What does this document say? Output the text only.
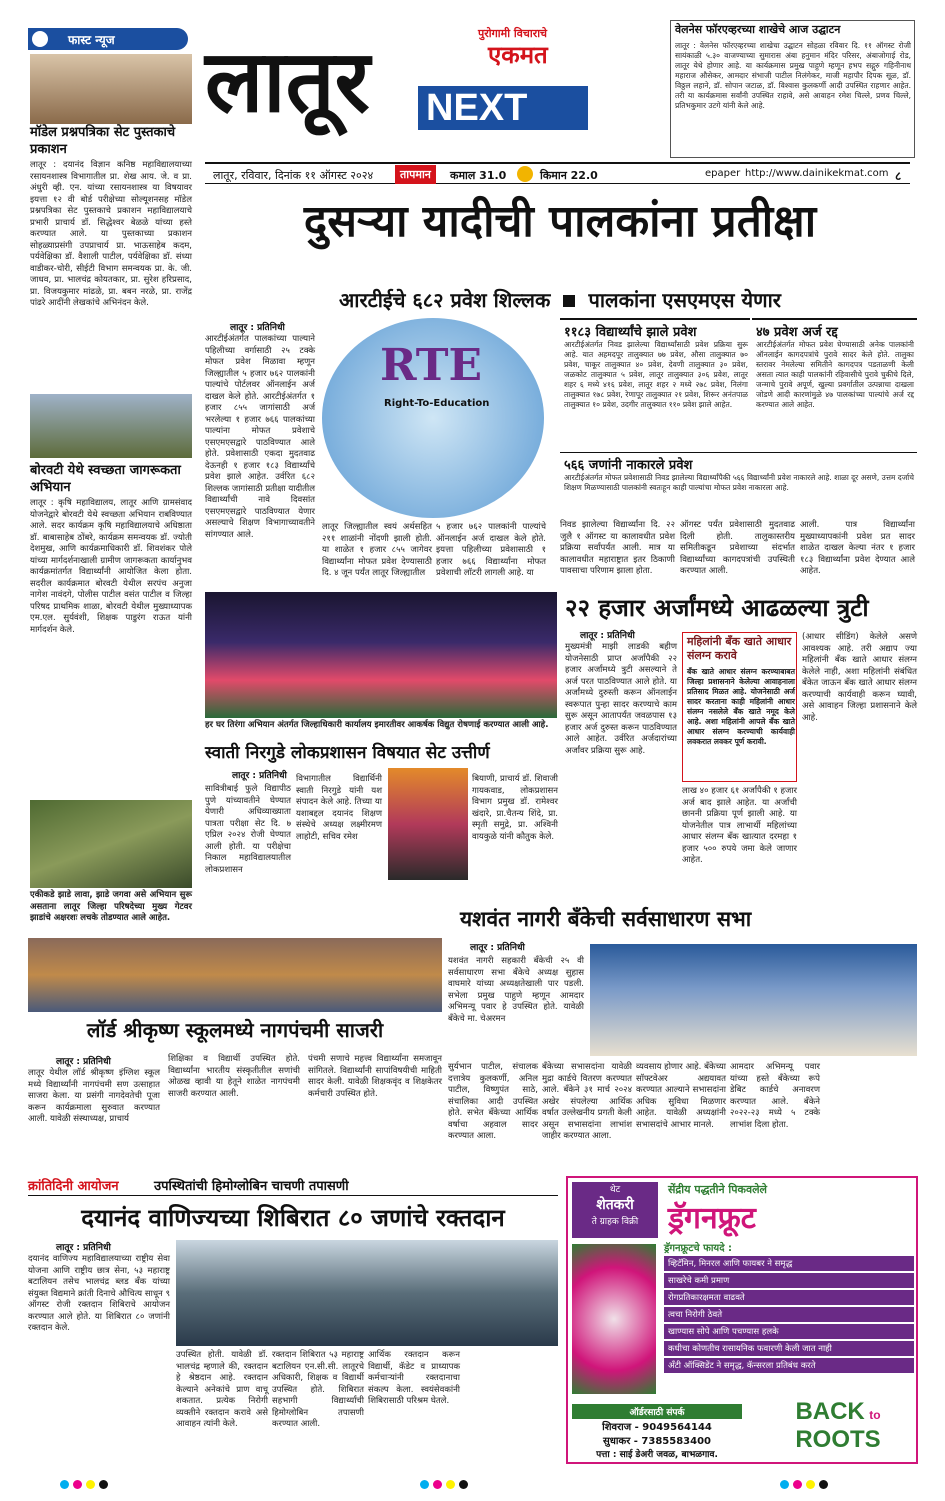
फास्ट न्यूज
मॉडेल प्रश्नपत्रिका सेट पुस्तकाचे प्रकाशन
लातूर : दयानंद विज्ञान कनिष्ठ महाविद्यालयाच्या रसायनशास्त्र विभागातील प्रा. शेख आय. जे. व प्रा. अंधुरी व्ही. एन. यांच्या रसायनशास्त्र या विषयावर इयत्ता १२ वी बोर्ड परीक्षेच्या सोल्यूशनसह मॉडेल प्रश्नपत्रिका सेट पुस्तकाचे प्रकाशन महाविद्यालयाचे प्रभारी प्राचार्य डॉ. सिद्धेश्वर बेळळे यांच्या हस्ते करण्यात आले. या पुस्तकाच्या प्रकाशन सोहळ्याप्रसंगी उपप्राचार्य प्रा. भाऊसाहेब कदम, पर्यवेक्षिका डॉ. वैशाली पाटील, पर्यवेक्षिका डॉ. संध्या वाडीकर-चोरी, सीईटी विभाग समन्वयक प्रा. के. जी. जाधव, प्रा. भालचंद्र कोयतकार, प्रा. सुरेश हरिप्रसाद, प्रा. विजयकुमार मांढळे, प्रा. बबन नरळे, प्रा. राजेंद्र पांढरे आदींनी लेखकांचे अभिनंदन केले.
बोरवटी येथे स्वच्छता जागरूकता अभियान
लातूर : कृषि महाविद्यालय, लातूर आणि ग्रामसंवाद योजनेद्वारे बोरवटी येथे स्वच्छता अभियान राबविण्यात आले. सदर कार्यक्रम कृषि महाविद्यालयाचे अधिष्ठाता डॉ. बाबासाहेब ठोंबरे, कार्यक्रम समन्वयक डॉ. ज्योती देशमुख, आणि कार्यक्रमाधिकारी डॉ. शिवशंकर पोले यांच्या मार्गदर्शनाखाली ग्रामीण जागरूकता कार्यानुभव कार्यक्रमांतर्गत विद्यार्थ्यांनी आयोजित केला होता. सदरील कार्यक्रमात बोरवटी येथील सरपंच अनुजा नागेश नावंदगे, पोलीस पाटील वसंत पाटील व जिल्हा परिषद प्राथमिक शाळा, बोरवटी येथील मुख्याध्यापक एम.एल. सुर्यवंशी, शिक्षक पाडुरंग राऊत यांनी मार्गदर्शन केले.
एकीकडे झाडे लावा, झाडे जगवा असे अभियान सुरू असताना लातूर जिल्हा परिषदेच्या मुख्य गेटवर झाडांचे अक्षरशः लचके तोडण्यात आले आहेत.
लातूर	पुरोगामी विचाराचे
एकमत
NEXT
लातूर, रविवार, दिनांक ११ ऑगस्ट २०२४	तापमान	कमाल 31.0	किमान 22.0	epaper http://www.dainikekmat.com ८
वेलनेस फॉरएव्हरच्या शाखेचे आज उद्घाटन
लातूर : वेलनेस फॉरएव्हरच्या शाखेचा उद्घाटन सोहळा रविवार दि. ११ ऑगस्ट रोजी सायंकाळी ५.३० वाजण्याच्या सुमारास अंबा हनुमान मंदिर परिसर, अंबाजोगाई रोड, लातूर येथे होणार आहे. या कार्यक्रमास प्रमुख पाहुणे म्हणून हभप सद्गुरु गहिनीनाथ महाराज औसेकर, आमदार संभाजी पाटील निलंगेकर, माजी महापौर दिपक सूळ, डॉ. विठ्ठल लहाने, डॉ. सोपान जटाळ, डॉ. विश्वास कुलकर्णी आदी उपस्थित राहणार आहेत. तरी या कार्यक्रमास सर्वांनी उपस्थित राहावे, असे आवाहन रमेश चिल्ले, प्रणव चिल्ले, प्रतिभकुमार उटगे यांनी केले आहे.
दुसऱ्या यादीची पालकांना प्रतीक्षा
आरटीईचे ६८२ प्रवेश शिल्लक पालकांना एसएमएस येणार
लातूर : प्रतिनिधी
आरटीईअंतर्गत पालकांच्या पाल्याने पहिलीच्या वर्गासाठी २५ टक्के मोफत प्रवेश मिळावा म्हणून जिल्ह्यातील ५ हजार ७६२ पालकांनी पाल्यांचे पोर्टलवर ऑनलाईन अर्ज दाखल केले होते. आरटीईअंतर्गत १ हजार ८५५ जागांसाठी अर्ज भरलेल्या १ हजार ७६६ पालकांच्या पाल्यांना मोफत प्रवेशाचे एसएमएसद्वारे पाठविण्यात आले होते. प्रवेशासाठी एकदा मुदतवाढ देऊनही १ हजार १८३ विद्यार्थ्यांचे प्रवेश झाले आहेत. उर्वरित ६८२ शिल्लक जागांसाठी प्रतीक्षा यादीतील विद्यार्थ्यांची नावे दिवसांत एसएमएसद्वारे पाठविण्यात येणार असल्याचे शिक्षण विभागाच्यावतीने सांगण्यात आले.
RTE
Right-To-Education
लातूर जिल्ह्यातील स्वयं अर्थसहित २११ शाळांनी नोंदणी झाली होती. या शाळेत १ हजार ८५५ जागेवर विद्यार्थ्यांना मोफत प्रवेश देण्यासाठी दि. ४ जून पर्यंत लातूर जिल्ह्यातील
५ हजार ७६२ पालकांनी पाल्यांचे ऑनलाईन अर्ज दाखल केले होते. इयत्ता पहिलीच्या प्रवेशासाठी १ हजार ७६६ विद्यार्थ्यांना मोफत प्रवेशाची लॉटरी लागली आहे. या
११८३ विद्यार्थ्यांचे झाले प्रवेश
आरटीईअंतर्गत निवड झालेल्या विद्यार्थ्यांसाठी प्रवेश प्रक्रिया सुरू आहे. यात अहमदपूर तालुक्यात ७७ प्रवेश, औसा तालुक्यात ७० प्रवेश, चाकूर तालुक्यात ४० प्रवेश, देवणी तालुक्यात ३० प्रवेश, जळकोट तालुक्यात ५ प्रवेश, लातूर तालुक्यात ३०६ प्रवेश, लातूर शहर ६ मध्ये ४१६ प्रवेश, लातूर शहर २ मध्ये २७८ प्रवेश, निलंगा तालुक्यात १७८ प्रवेश, रेणापूर तालुक्यात २१ प्रवेश, शिरूर अनंतपाळ तालुक्यात १० प्रवेश, उदगीर तालुक्यात ११० प्रवेश झाले आहेत.
४७ प्रवेश अर्ज रद्द
आरटीईअंतर्गत मोफत प्रवेश घेण्यासाठी अनेक पालकांनी ऑनलाईन कागदपत्रांचे पुरावे सादर केले होते. तालुका स्तरावर नेमलेल्या समितीने कागदपत्र पडताळणी केली असता त्यात काही पालकांनी रहिवासीचे पुरावे चुकीचे दिले, जन्माचे पुरावे अपूर्ण, खुल्या प्रवर्गातील उत्पन्नाचा दाखला जोडणे आदी कारणांमुळे ४७ पालकांच्या पाल्यांचे अर्ज रद्द करण्यात आले आहेत.
५६६ जणांनी नाकारले प्रवेश
आरटीईअंतर्गत मोफत प्रवेशासाठी निवड झालेल्या विद्यार्थ्यांपैकी ५६६ विद्यार्थ्यांनी प्रवेश नाकारले आहे. शाळा दूर असणे, उत्तम दर्जाचे शिक्षण मिळण्यासाठी पालकांनी स्वतःहून काही पाल्यांचा मोफत प्रवेश नाकारला आहे.
निवड झालेल्या विद्यार्थ्यांना दि. २२ जुलै १ ऑगस्ट या कालावधीत प्रवेश प्रक्रिया सर्वांपर्यंत आली. मात्र या कालावधीत महाराष्ट्रात इतर ठिकाणी पावसाचा परिणाम झाला होता.
ऑगस्ट पर्यंत प्रवेशासाठी मुदतवाढ दिली होती. तालुकास्तरीय समितीकडून प्रवेशाच्या संदर्भात विद्यार्थ्यांच्या कागदपत्रांची उपस्थिती करण्यात आली.
आली. पात्र विद्यार्थ्यांना मुख्याध्यापकांनी प्रवेश प्रत सादर शाळेत दाखल केल्या नंतर १ हजार १८३ विद्यार्थ्यांना प्रवेश देण्यात आले आहेत.
हर घर तिरंगा अभियान अंतर्गत जिल्हाधिकारी कार्यालय इमारतीवर आकर्षक विद्युत रोषणाई करण्यात आली आहे.
२२ हजार अर्जांमध्ये आढळल्या त्रुटी
लातूर : प्रतिनिधी
मुख्यमंत्री माझी लाडकी बहीण योजनेसाठी प्राप्त अर्जांपैकी २२ हजार अर्जांमध्ये त्रुटी असल्याने ते अर्ज परत पाठविण्यात आले होते. या अर्जांमध्ये दुरुस्ती करून ऑनलाईन स्वरूपात पुन्हा सादर करण्याचे काम सुरू असून आतापर्यंत जवळपास १३ हजार अर्ज दुरुस्त करून पाठविण्यात आले आहेत. उर्वरित अर्जदारांच्या अर्जांवर प्रक्रिया सुरू आहे.
महिलांनी बँक खाते आधार संलग्न करावे
बँक खाते आधार संलग्न करण्याबाबत जिल्हा प्रशासनाने केलेल्या आवाहनाला प्रतिसाद मिळत आहे. योजनेसाठी अर्ज सादर करताना काही महिलांनी आधार संलग्न नसलेले बँक खाते नमूद केले आहे. अशा महिलांनी आपले बँक खाते आधार संलग्न करण्याची कार्यवाही लवकरात लवकर पूर्ण करावी.
लाख ४० हजार ६१ अर्जांपैकी १ हजार अर्ज बाद झाले आहेत. या अर्जांची छाननी प्रक्रिया पूर्ण झाली आहे. या योजनेतील पात्र लाभार्थी महिलांच्या आधार संलग्न बँक खात्यात दरमहा १ हजार ५०० रुपये जमा केले जाणार आहेत.
(आधार सीडिंग) केलेले असणे आवश्यक आहे. तरी अद्याप ज्या महिलांनी बँक खाते आधार संलग्न केलेले नाही, अशा महिलांनी संबंधित बँकेत जाऊन बँक खाते आधार संलग्न करण्याची कार्यवाही करून घ्यावी, असे आवाहन जिल्हा प्रशासनाने केले आहे.
स्वाती निरगुडे लोकप्रशासन विषयात सेट उत्तीर्ण
लातूर : प्रतिनिधी
सावित्रीबाई फुले विद्यापीठ पुणे यांच्यावतीने घेण्यात येणारी अधिव्याख्याता पात्रता परीक्षा सेट दि. ७ एप्रिल २०२४ रोजी घेण्यात आली होती. या परीक्षेचा निकाल महाविद्यालयातील लोकप्रशासन
विभागातील विद्यार्थिनी स्वाती निरगुडे यांनी यश संपादन केले आहे. तिच्या या यशाबद्दल दयानंद शिक्षण संस्थेचे अध्यक्ष लक्ष्मीरमण लाहोटी, सचिव रमेश
बियाणी, प्राचार्य डॉ. शिवाजी गायकवाड, लोकप्रशासन विभाग प्रमुख डॉ. रामेश्वर खंदारे, प्रा.चैतन्य शिंदे, प्रा. स्मृती समुद्रे, प्रा. अश्विनी वायकुळे यांनी कौतुक केले.
लॉर्ड श्रीकृष्ण स्कूलमध्ये नागपंचमी साजरी
लातूर : प्रतिनिधी
लातूर येथील लॉर्ड श्रीकृष्ण इंग्लिश स्कूल मध्ये विद्यार्थ्यांनी नागपंचमी सण उत्साहात साजरा केला. या प्रसंगी नागदेवतेची पूजा करून कार्यक्रमाला सुरुवात करण्यात आली. यावेळी संस्थाध्यक्ष, प्राचार्य
शिक्षिका व विद्यार्थी उपस्थित होते. विद्यार्थ्यांना भारतीय संस्कृतीतील सणांची ओळख व्हावी या हेतूने शाळेत नागपंचमी साजरी करण्यात आली.
पंचमी सणाचे महत्त्व विद्यार्थ्यांना समजावून सांगितले. विद्यार्थ्यांनी सापांविषयीची माहिती सादर केली. यावेळी शिक्षकवृंद व शिक्षकेतर कर्मचारी उपस्थित होते.
यशवंत नागरी बँकेची सर्वसाधारण सभा
लातूर : प्रतिनिधी
यशवंत नागरी सहकारी बँकेची २५ वी सर्वसाधारण सभा बँकेचे अध्यक्ष सुहास वाघमारे यांच्या अध्यक्षतेखाली पार पडली. सभेला प्रमुख पाहुणे म्हणून आमदार अभिमन्यू पवार हे उपस्थित होते. यावेळी बँकेचे मा. चेअरमन
सुर्यभान पाटील, संचालक दत्तात्रेय कुलकर्णी, अनिल पाटील, विष्णुपंत साठे, संचालिका आदी उपस्थित होते. सभेत बँकेच्या आर्थिक वर्षाचा अहवाल सादर करण्यात आला.
बँकेच्या सभासदांना यावेळी मुद्रा कार्डचे वितरण करण्यात आले. बँकेने ३१ मार्च २०२४ अखेर संपलेल्या आर्थिक वर्षात उल्लेखनीय प्रगती केली असून सभासदांना लाभांश जाहीर करण्यात आला.
व्यवसाय होणार आहे. बँकेच्या सॉफ्टवेअर अद्ययावत करण्यात आल्याने सभासदांना अधिक सुविधा मिळणार आहेत. यावेळी अध्यक्षांनी सभासदांचे आभार मानले.
आमदार अभिमन्यू पवार यांच्या हस्ते बँकेच्या रूपे डेबिट कार्डचे अनावरण करण्यात आले. बँकेने २०२२-२३ मध्ये ५ टक्के लाभांश दिला होता.
क्रांतिदिनी आयोजन	उपस्थितांची हिमोग्लोबिन चाचणी तपासणी
दयानंद वाणिज्यच्या शिबिरात ८० जणांचे रक्तदान
लातूर : प्रतिनिधी
दयानंद वाणिज्य महाविद्यालयाच्या राष्ट्रीय सेवा योजना आणि राष्ट्रीय छात्र सेना, ५३ महाराष्ट्र बटालियन तसेच भालचंद्र ब्लड बँक यांच्या संयुक्त विद्यमाने क्रांती दिनाचे औचित्य साधून ९ ऑगस्ट रोजी रक्तदान शिबिराचे आयोजन करण्यात आले होते. या शिबिरात ८० जणांनी रक्तदान केले.
उपस्थित होती. यावेळी डॉ. भालचंद्र म्हणाले की, रक्तदान हे श्रेष्ठदान आहे. रक्तदान केल्याने अनेकांचे प्राण वाचू शकतात. प्रत्येक निरोगी व्यक्तीने रक्तदान करावे असे आवाहन त्यांनी केले.
रक्तदान शिबिरात ५३ महाराष्ट्र बटालियन एन.सी.सी. लातूरचे अधिकारी, शिक्षक व विद्यार्थी उपस्थित होते. शिबिरात सहभागी विद्यार्थ्यांची हिमोग्लोबिन तपासणी करण्यात आली.
आर्थिक रक्तदान करून विद्यार्थी, कॅडेट व प्राध्यापक कर्मचाऱ्यांनी रक्तदानाचा संकल्प केला. स्वयंसेवकांनी शिबिरासाठी परिश्रम घेतले.
थेट
शेतकरी
ते ग्राहक विक्री
सेंद्रीय पद्धतीने पिकवलेले
ड्रॅगनफ्रूट
ड्रॅगनफ्रूटचे फायदे :
व्हिटॅमिन, मिनरल आणि फायबर ने समृद्ध
साखरेचे कमी प्रमाण
रोगप्रतिकारक्षमता वाढवते
त्वचा निरोगी ठेवते
खाण्यास सोपे आणि पचण्यास हलके
कधीचा कोणतीच रासायनिक फवारणी केली जात नाही
अँटी ऑक्सिडेंट ने समृद्ध, कॅन्सरला प्रतिबंध करते
ऑर्डरसाठी संपर्क
शिवराज - 9049564144
सुधाकर - 7385583400
पत्ता : साई डेअरी जवळ, बाभळगाव.
BACK to
ROOTS
